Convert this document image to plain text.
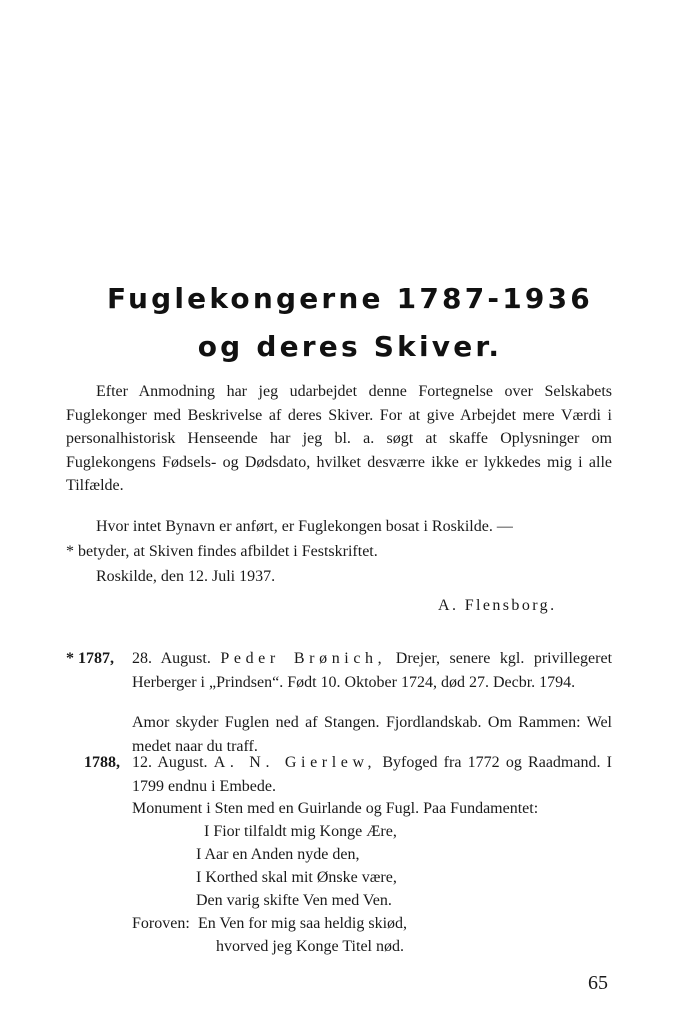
Fuglekongerne 1787-1936
og deres Skiver.
Efter Anmodning har jeg udarbejdet denne Fortegnelse over Selskabets Fuglekonger med Beskrivelse af deres Skiver. For at give Arbejdet mere Værdi i personalhistorisk Henseende har jeg bl. a. søgt at skaffe Oplysninger om Fuglekongens Fødsels- og Dødsdato, hvilket desværre ikke er lykkedes mig i alle Tilfælde.
Hvor intet Bynavn er anført, er Fuglekongen bosat i Roskilde. —
* betyder, at Skiven findes afbildet i Festskriftet.
Roskilde, den 12. Juli 1937.
A. Flensborg.
* 1787, 28. August. Peder Brønich, Drejer, senere kgl. privillegeret Herberger i „Prindsen“. Født 10. Oktober 1724, død 27. Decbr. 1794.
Amor skyder Fuglen ned af Stangen. Fjordlandskab. Om Rammen: Wel medet naar du traff.
1788, 12. August. A. N. Gierlew, Byfoged fra 1772 og Raadmand. I 1799 endnu i Embede.
Monument i Sten med en Guirlande og Fugl. Paa Fundamentet:
I Fior tilfaldt mig Konge Ære,
I Aar en Anden nyde den,
I Korthed skal mit Ønske være,
Den varig skifte Ven med Ven.
Foroven: En Ven for mig saa heldig skiød,
hvorved jeg Konge Titel nød.
65
